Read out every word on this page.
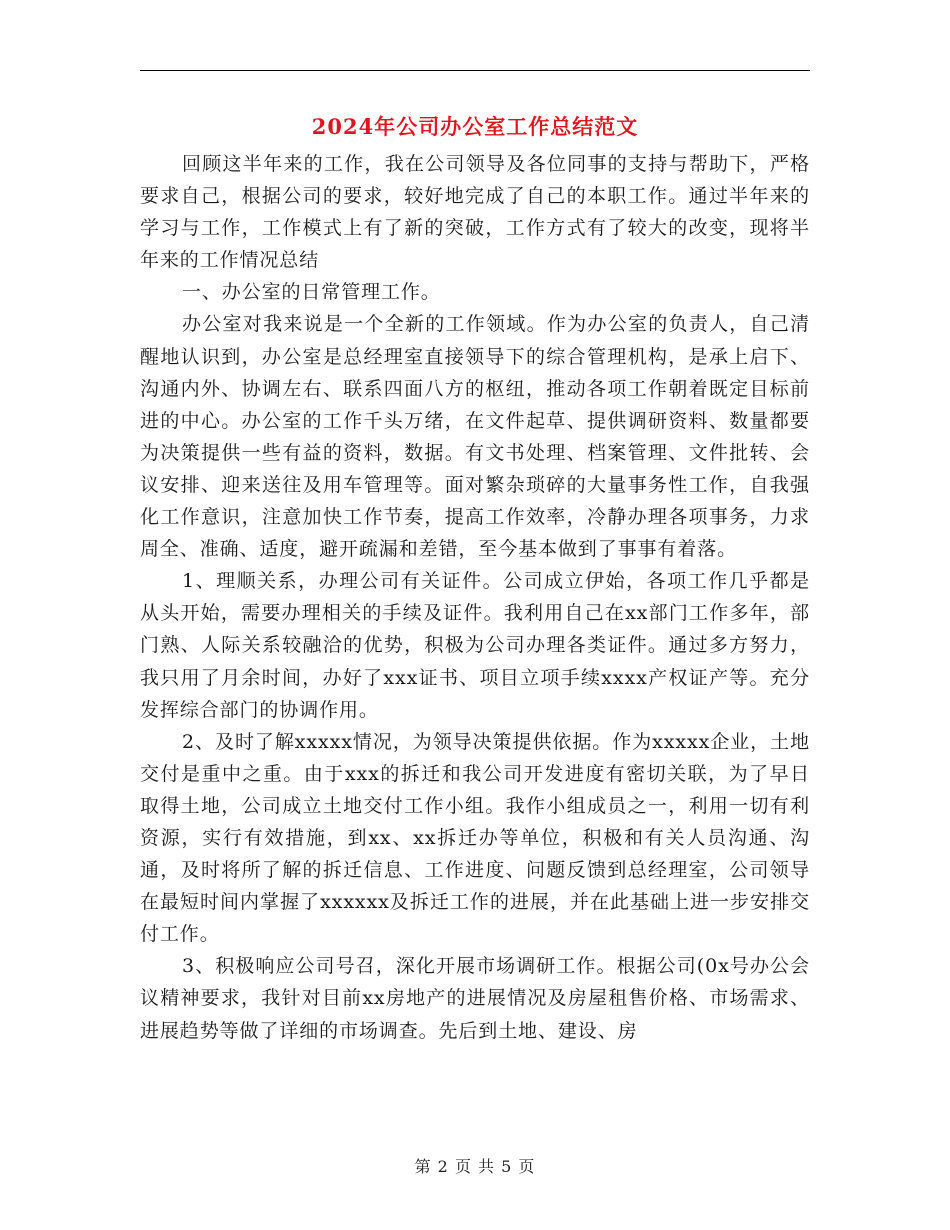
2024年公司办公室工作总结范文

回顾这半年来的工作，我在公司领导及各位同事的支持与帮助下，严格要求自己，根据公司的要求，较好地完成了自己的本职工作。通过半年来的学习与工作，工作模式上有了新的突破，工作方式有了较大的改变，现将半年来的工作情况总结

一、办公室的日常管理工作。

办公室对我来说是一个全新的工作领域。作为办公室的负责人，自己清醒地认识到，办公室是总经理室直接领导下的综合管理机构，是承上启下、沟通内外、协调左右、联系四面八方的枢纽，推动各项工作朝着既定目标前进的中心。办公室的工作千头万绪，在文件起草、提供调研资料、数量都要为决策提供一些有益的资料，数据。有文书处理、档案管理、文件批转、会议安排、迎来送往及用车管理等。面对繁杂琐碎的大量事务性工作，自我强化工作意识，注意加快工作节奏，提高工作效率，冷静办理各项事务，力求周全、准确、适度，避开疏漏和差错，至今基本做到了事事有着落。

1、理顺关系，办理公司有关证件。公司成立伊始，各项工作几乎都是从头开始，需要办理相关的手续及证件。我利用自己在xx部门工作多年，部门熟、人际关系较融洽的优势，积极为公司办理各类证件。通过多方努力，我只用了月余时间，办好了xxx证书、项目立项手续xxxx产权证产等。充分发挥综合部门的协调作用。

2、及时了解xxxxx情况，为领导决策提供依据。作为xxxxx企业，土地交付是重中之重。由于xxx的拆迁和我公司开发进度有密切关联，为了早日取得土地，公司成立土地交付工作小组。我作小组成员之一，利用一切有利资源，实行有效措施，到xx、xx拆迁办等单位，积极和有关人员沟通、沟通，及时将所了解的拆迁信息、工作进度、问题反馈到总经理室，公司领导在最短时间内掌握了xxxxxx及拆迁工作的进展，并在此基础上进一步安排交付工作。

3、积极响应公司号召，深化开展市场调研工作。根据公司(0x号办公会议精神要求，我针对目前xx房地产的进展情况及房屋租售价格、市场需求、进展趋势等做了详细的市场调查。先后到土地、建设、房

第 2 页 共 5 页
